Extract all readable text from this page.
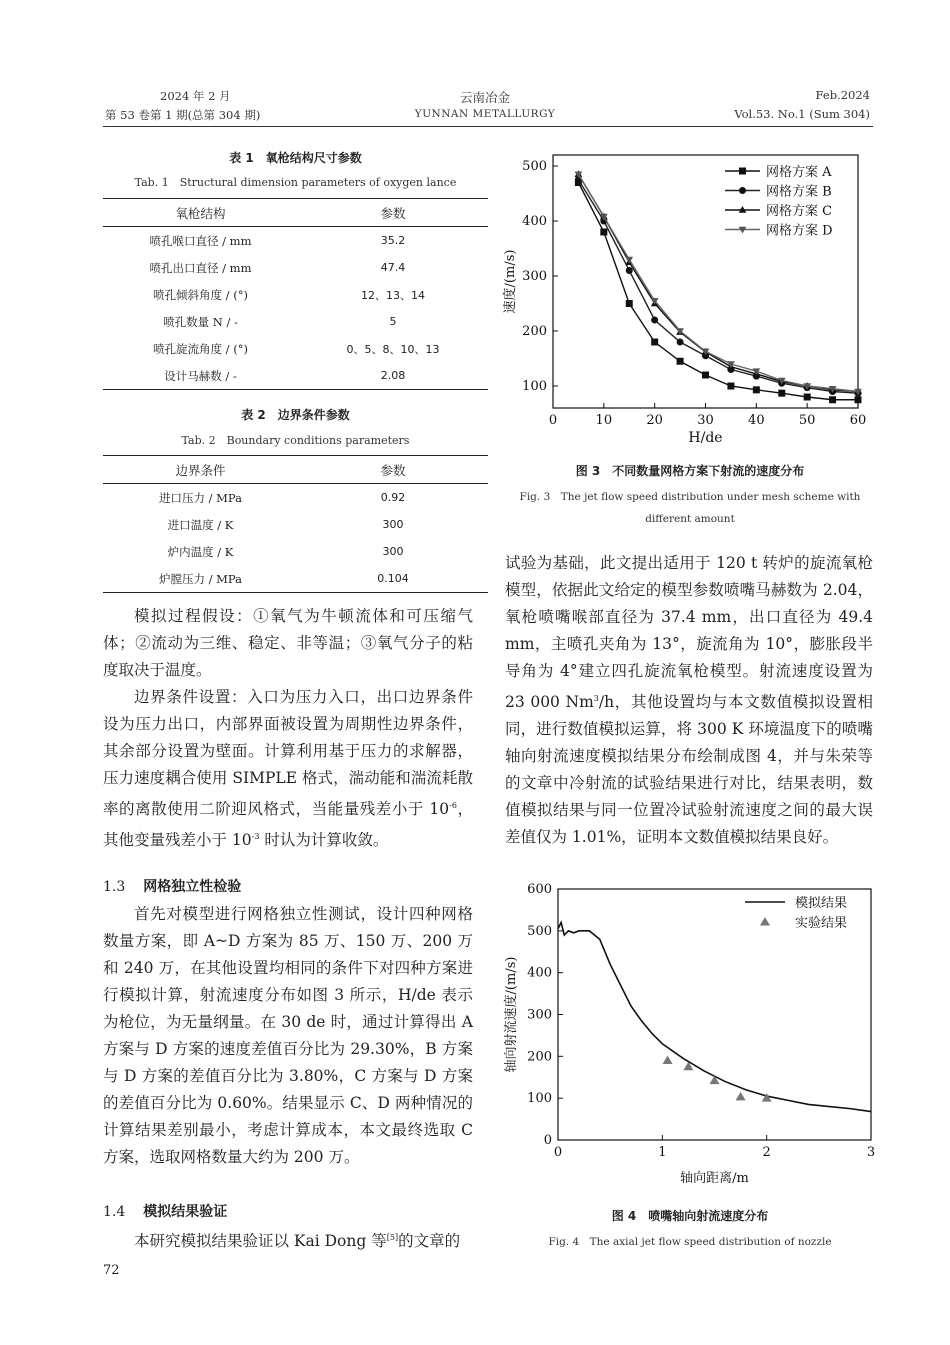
2024 年 2 月
第 53 卷第 1 期(总第 304 期)
云南冶金
YUNNAN METALLURGY
Feb.2024
Vol.53. No.1 (Sum 304)
表 1　氧枪结构尺寸参数
Tab. 1　Structural dimension parameters of oxygen lance
氧枪结构	参数
喷孔喉口直径 / mm	35.2
喷孔出口直径 / mm	47.4
喷孔倾斜角度 / (°)	12、13、14
喷孔数量 N / -	5
喷孔旋流角度 / (°)	0、5、8、10、13
设计马赫数 / -	2.08
表 2　边界条件参数
Tab. 2　Boundary conditions parameters
边界条件	参数
进口压力 / MPa	0.92
进口温度 / K	300
炉内温度 / K	300
炉膛压力 / MPa	0.104

模拟过程假设：①氧气为牛顿流体和可压缩气体；②流动为三维、稳定、非等温；③氧气分子的粘度取决于温度。

边界条件设置：入口为压力入口，出口边界条件设为压力出口，内部界面被设置为周期性边界条件，其余部分设置为壁面。计算利用基于压力的求解器，压力速度耦合使用 SIMPLE 格式，湍动能和湍流耗散率的离散使用二阶迎风格式，当能量残差小于 $10^{-6}$，其他变量残差小于 $10^{-3}$ 时认为计算收敛。

1.3 网格独立性检验

首先对模型进行网格独立性测试，设计四种网格数量方案，即 A~D 方案为 85 万、150 万、200 万和 240 万，在其他设置均相同的条件下对四种方案进行模拟计算，射流速度分布如图 3 所示，H/de 表示为枪位，为无量纲量。在 30 de 时，通过计算得出 A 方案与 D 方案的速度差值百分比为 29.30%，B 方案与 D 方案的差值百分比为 3.80%，C 方案与 D 方案的差值百分比为 0.60%。结果显示 C、D 两种情况的计算结果差别最小，考虑计算成本，本文最终选取 C 方案，选取网格数量大约为 200 万。

1.4 模拟结果验证

本研究模拟结果验证以 Kai Dong 等[5]的文章的

72
0	10	20	30	40	50	60
100
200
300
400
500
H/de
速度/(m/s)
网格方案 A
网格方案 B
网格方案 C
网格方案 D
图 3　不同数量网格方案下射流的速度分布
Fig. 3　The jet flow speed distribution under mesh scheme with
different amount

试验为基础，此文提出适用于 120 t 转炉的旋流氧枪模型，依据此文给定的模型参数喷嘴马赫数为 2.04，氧枪喷嘴喉部直径为 37.4 mm，出口直径为 49.4 mm，主喷孔夹角为 13°，旋流角为 10°，膨胀段半导角为 4°建立四孔旋流氧枪模型。射流速度设置为 23 000 Nm$^3$/h，其他设置均与本文数值模拟设置相同，进行数值模拟运算，将 300 K 环境温度下的喷嘴轴向射流速度模拟结果分布绘制成图 4，并与朱荣等的文章中冷射流的试验结果进行对比，结果表明，数值模拟结果与同一位置冷试验射流速度之间的最大误差值仅为 1.01%，证明本文数值模拟结果良好。

0	1	2	3
0
100
200
300
400
500
600
轴向距离/m
轴向射流速度/(m/s)
模拟结果
实验结果
图 4　喷嘴轴向射流速度分布
Fig. 4　The axial jet flow speed distribution of nozzle
